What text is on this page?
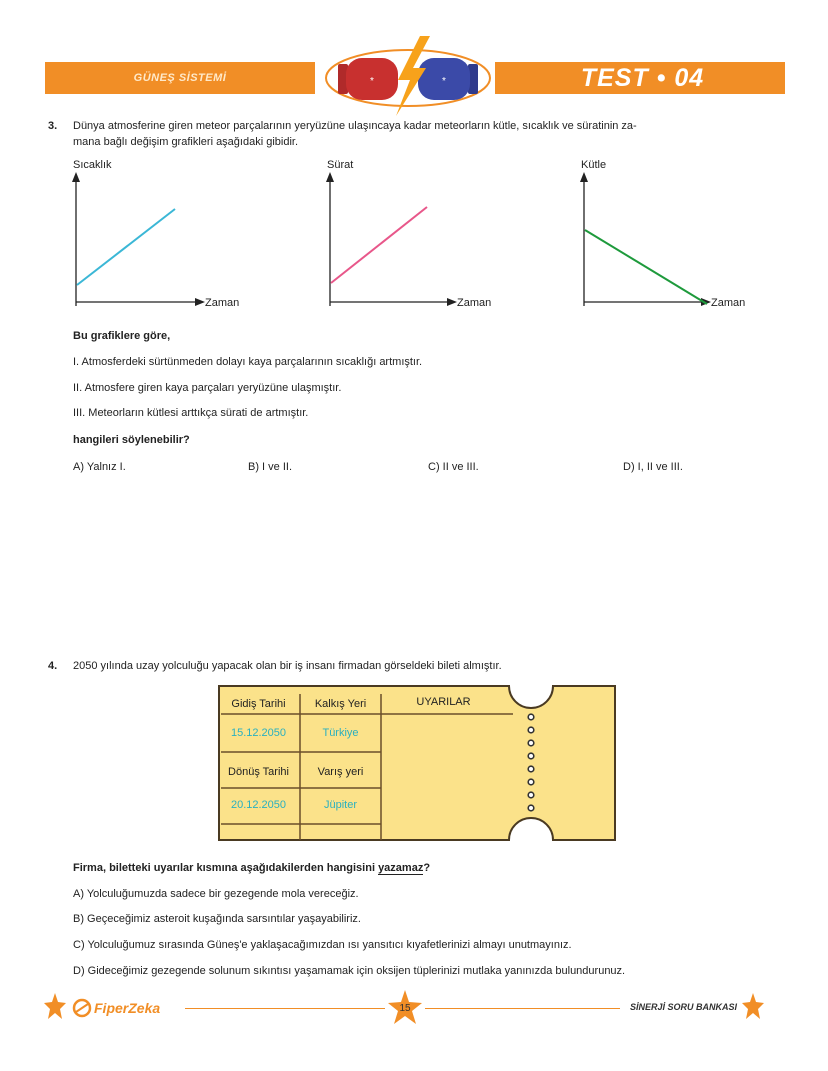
GÜNEŞ SİSTEMİ	TEST • 04
*	*
3. Dünya atmosferine giren meteor parçalarının yeryüzüne ulaşıncaya kadar meteorların kütle, sıcaklık ve süratinin za-
mana bağlı değişim grafikleri aşağıdaki gibidir.
Sıcaklık
Zaman
Sürat
Zaman
Kütle
Zaman
Bu grafiklere göre,
I. Atmosferdeki sürtünmeden dolayı kaya parçalarının sıcaklığı artmıştır.
II. Atmosfere giren kaya parçaları yeryüzüne ulaşmıştır.
III. Meteorların kütlesi arttıkça sürati de artmıştır.
hangileri söylenebilir?
A) Yalnız I.	B) I ve II.	C) II ve III.	D) I, II ve III.
4. 2050 yılında uzay yolculuğu yapacak olan bir iş insanı firmadan görseldeki bileti almıştır.
Gidiş Tarihi	Kalkış Yeri	UYARILAR
15.12.2050	Türkiye
Dönüş Tarihi	Varış yeri
20.12.2050	Jüpiter
Firma, biletteki uyarılar kısmına aşağıdakilerden hangisini yazamaz?
A) Yolculuğumuzda sadece bir gezegende mola vereceğiz.
B) Geçeceğimiz asteroit kuşağında sarsıntılar yaşayabiliriz.
C) Yolculuğumuz sırasında Güneş'e yaklaşacağımızdan ısı yansıtıcı kıyafetlerinizi almayı unutmayınız.
D) Gideceğimiz gezegende solunum sıkıntısı yaşamamak için oksijen tüplerinizi mutlaka yanınızda bulundurunuz.
FiperZeka	15	SİNERJİ SORU BANKASI
